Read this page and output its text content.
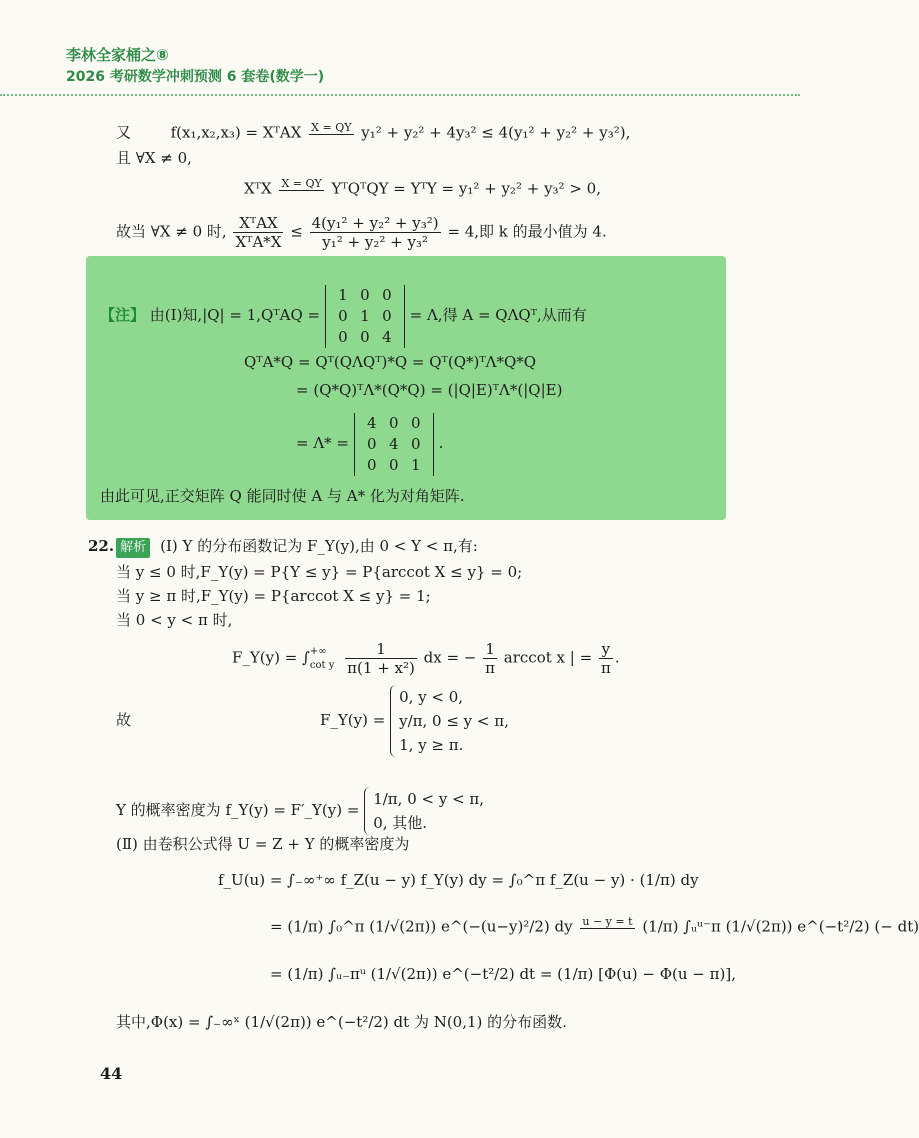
李林全家桶之⑧
2026 考研数学冲刺预测 6 套卷(数学一)
又	f(x₁,x₂,x₃) = XᵀAX X = QY y₁² + y₂² + 4y₃² ≤ 4(y₁² + y₂² + y₃²),
且 ∀X ≠ 0,
XᵀX X = QY YᵀQᵀQY = YᵀY = y₁² + y₂² + y₃² > 0,
故当 ∀X ≠ 0 时, $\frac{\text{XᵀAX}}{\text{XᵀA*X}} \le \frac{\text{4(y₁² + y₂² + y₃²)}}{\text{y₁² + y₂² + y₃²}} = 4$,即 k 的最小值为 4.
【注】 由(Ⅰ)知,|Q| = 1,QᵀAQ =
1	0	0
0	1	0
0	0	4
= Λ,得 A = QΛQᵀ,从而有
QᵀA*Q = Qᵀ(QΛQᵀ)*Q = Qᵀ(Q*)ᵀΛ*Q*Q
= (Q*Q)ᵀΛ*(Q*Q) = (|Q|E)ᵀΛ*(|Q|E)
= Λ* =
4	0	0
0	4	0
0	0	1
.
由此可见,正交矩阵 Q 能同时使 A 与 A* 化为对角矩阵.
22. 解析 (Ⅰ) Y 的分布函数记为 F_Y(y),由 0 < Y < π,有:
当 y ≤ 0 时,F_Y(y) = P{Y ≤ y} = P{arccot X ≤ y} = 0;
当 y ≥ π 时,F_Y(y) = P{arccot X ≤ y} = 1;
当 0 < y < π 时,
F_Y(y) = ∫ +∞
cot y
$\frac{1}{\text{π(1 + x²)}}$ dx = − $\frac{1}{\pi}$ arccot x | = $\frac{y}{\pi}$ .
故	F_Y(y) =
0, y < 0,
y/π, 0 ≤ y < π,
1, y ≥ π.
Y 的概率密度为 f_Y(y) = F′_Y(y) =
1/π, 0 < y < π,
0, 其他.
(Ⅱ) 由卷积公式得 U = Z + Y 的概率密度为
f_U(u) = ∫₋∞⁺∞ f_Z(u − y) f_Y(y) dy = ∫₀^π f_Z(u − y) · (1/π) dy
= (1/π) ∫₀^π (1/√(2π)) e^(−(u−y)²/2) dy u − y = t (1/π) ∫ᵤᵘ⁻π (1/√(2π)) e^(−t²/2) (− dt)
= (1/π) ∫ᵤ₋πᵘ (1/√(2π)) e^(−t²/2) dt = (1/π) [Φ(u) − Φ(u − π)],
其中,Φ(x) = ∫₋∞ˣ (1/√(2π)) e^(−t²/2) dt 为 N(0,1) 的分布函数.
44
